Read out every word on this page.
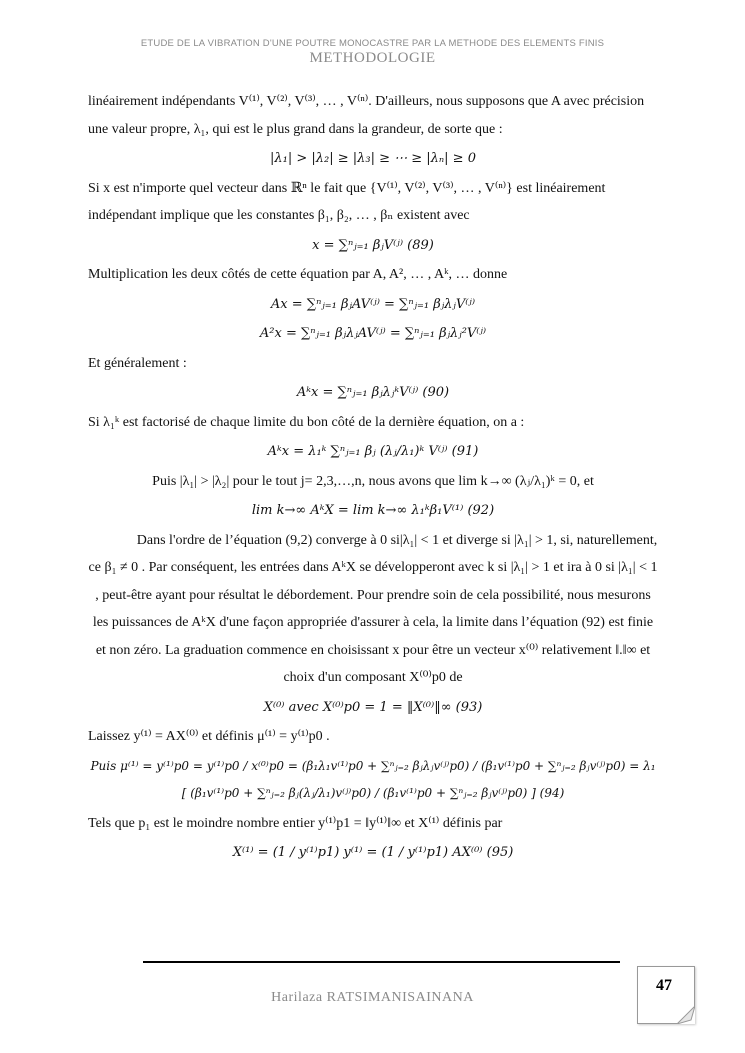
ETUDE DE LA VIBRATION D'UNE POUTRE MONOCASTRE PAR LA METHODE DES ELEMENTS FINIS
METHODOLOGIE

linéairement indépendants V⁽¹⁾, V⁽²⁾, V⁽³⁾, … , V⁽ⁿ⁾. D'ailleurs, nous supposons que A avec précision une valeur propre, λ₁, qui est le plus grand dans la grandeur, de sorte que :

|λ₁| > |λ₂| ≥ |λ₃| ≥ ⋯ ≥ |λₙ| ≥ 0

Si x est n'importe quel vecteur dans ℝⁿ le fait que {V⁽¹⁾, V⁽²⁾, V⁽³⁾, … , V⁽ⁿ⁾} est linéairement indépendant implique que les constantes β₁, β₂, … , βₙ existent avec

x = ∑ⁿⱼ₌₁ βⱼV⁽ʲ⁾ (89)

Multiplication les deux côtés de cette équation par A, A², … , Aᵏ, … donne

Ax = ∑ⁿⱼ₌₁ βⱼAV⁽ʲ⁾ = ∑ⁿⱼ₌₁ βⱼλⱼV⁽ʲ⁾

A²x = ∑ⁿⱼ₌₁ βⱼλⱼAV⁽ʲ⁾ = ∑ⁿⱼ₌₁ βⱼλⱼ²V⁽ʲ⁾

Et généralement :

Aᵏx = ∑ⁿⱼ₌₁ βⱼλⱼᵏV⁽ʲ⁾ (90)

Si λ₁ᵏ est factorisé de chaque limite du bon côté de la dernière équation, on a :

Aᵏx = λ₁ᵏ ∑ⁿⱼ₌₁ βⱼ (λⱼ/λ₁)ᵏ V⁽ʲ⁾ (91)

Puis |λ₁| > |λ₂| pour le tout j= 2,3,…,n, nous avons que lim k→∞ (λⱼ/λ₁)ᵏ = 0, et

lim k→∞ AᵏX = lim k→∞ λ₁ᵏβ₁V⁽¹⁾ (92)

Dans l'ordre de l’équation (9,2) converge à 0 si|λ₁| < 1 et diverge si |λ₁| > 1, si, naturellement, ce β₁ ≠ 0 . Par conséquent, les entrées dans AᵏX se développeront avec k si |λ₁| > 1 et ira à 0 si |λ₁| < 1 , peut-être ayant pour résultat le débordement. Pour prendre soin de cela possibilité, nous mesurons les puissances de AᵏX d'une façon appropriée d'assurer à cela, la limite dans l’équation (92) est finie et non zéro. La graduation commence en choisissant x pour être un vecteur x⁽⁰⁾ relativement ‖.‖∞ et choix d'un composant X⁽⁰⁾p0 de

X⁽⁰⁾ avec X⁽⁰⁾p0 = 1 = ‖X⁽⁰⁾‖∞ (93)

Laissez y⁽¹⁾ = AX⁽⁰⁾ et définis μ⁽¹⁾ = y⁽¹⁾p0 .

Puis μ⁽¹⁾ = y⁽¹⁾p0 = y⁽¹⁾p0 / x⁽⁰⁾p0 = (β₁λ₁v⁽¹⁾p0 + ∑ⁿⱼ₌₂ βⱼλⱼv⁽ʲ⁾p0) / (β₁v⁽¹⁾p0 + ∑ⁿⱼ₌₂ βⱼv⁽ʲ⁾p0) = λ₁ [ (β₁v⁽¹⁾p0 + ∑ⁿⱼ₌₂ βⱼ(λⱼ/λ₁)v⁽ʲ⁾p0) / (β₁v⁽¹⁾p0 + ∑ⁿⱼ₌₂ βⱼv⁽ʲ⁾p0) ] (94)

Tels que p₁ est le moindre nombre entier y⁽¹⁾p1 = ‖y⁽¹⁾‖∞ et X⁽¹⁾ définis par

X⁽¹⁾ = (1 / y⁽¹⁾p1) y⁽¹⁾ = (1 / y⁽¹⁾p1) AX⁽⁰⁾ (95)

Harilaza RATSIMANISAINANA
47
